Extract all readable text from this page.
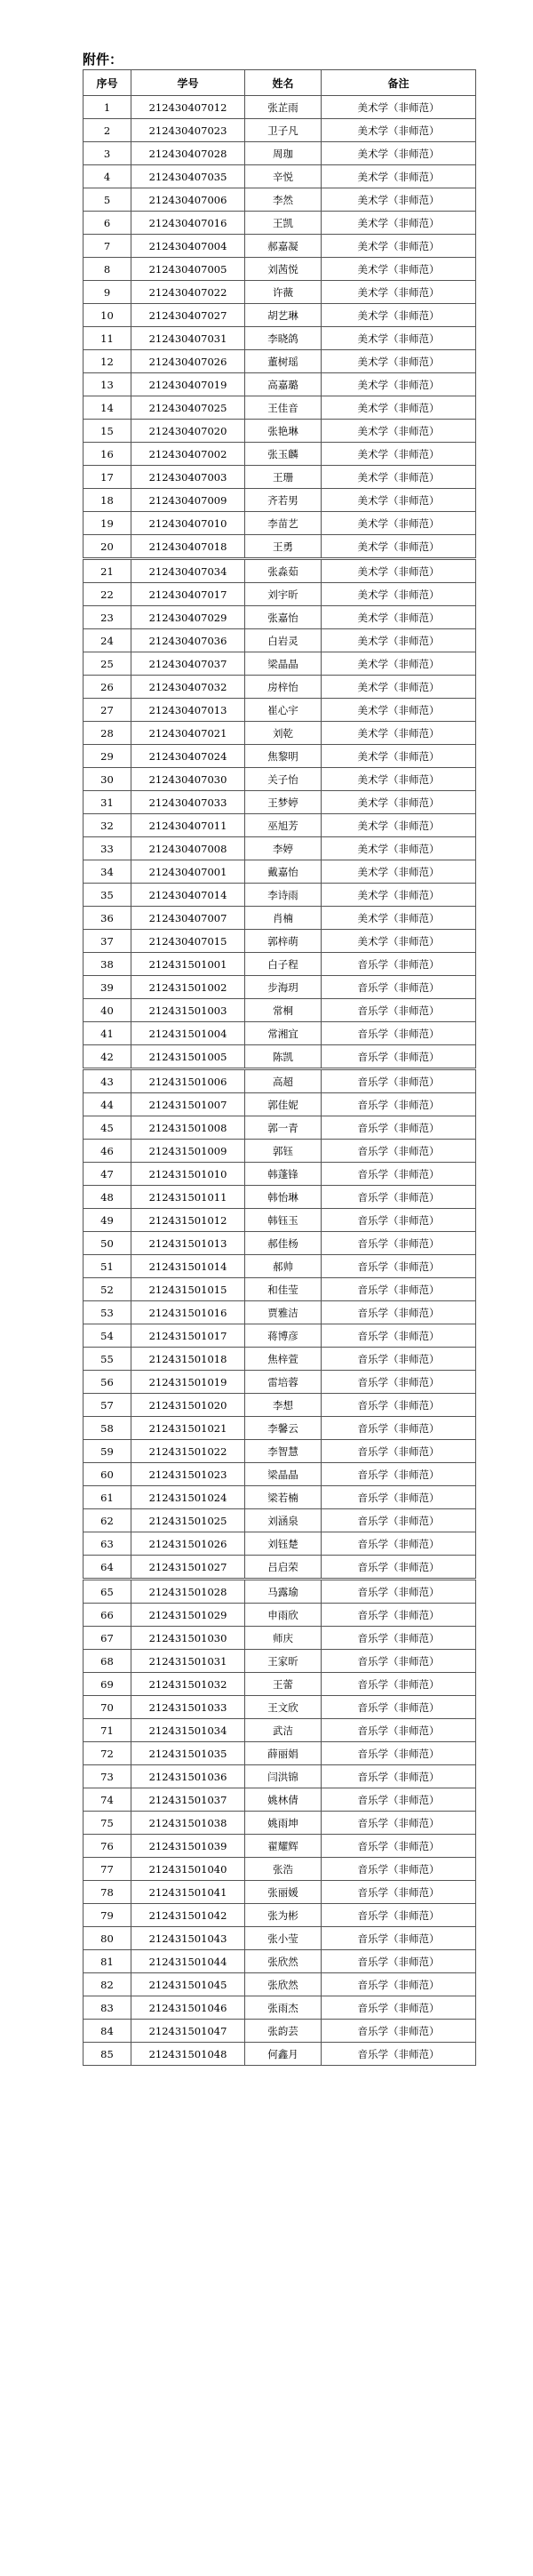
附件：
序号	学号	姓名	备注
1	212430407012	张芷雨	美术学（非师范）
2	212430407023	卫子凡	美术学（非师范）
3	212430407028	周珈	美术学（非师范）
4	212430407035	辛悦	美术学（非师范）
5	212430407006	李然	美术学（非师范）
6	212430407016	王凯	美术学（非师范）
7	212430407004	郝嘉凝	美术学（非师范）
8	212430407005	刘茜悦	美术学（非师范）
9	212430407022	许薇	美术学（非师范）
10	212430407027	胡艺琳	美术学（非师范）
11	212430407031	李晓鸽	美术学（非师范）
12	212430407026	董树瑶	美术学（非师范）
13	212430407019	高嘉璐	美术学（非师范）
14	212430407025	王佳音	美术学（非师范）
15	212430407020	张艳琳	美术学（非师范）
16	212430407002	张玉麟	美术学（非师范）
17	212430407003	王珊	美术学（非师范）
18	212430407009	齐若男	美术学（非师范）
19	212430407010	李苗艺	美术学（非师范）
20	212430407018	王勇	美术学（非师范）
21	212430407034	张淼茹	美术学（非师范）
22	212430407017	刘宇昕	美术学（非师范）
23	212430407029	张嘉怡	美术学（非师范）
24	212430407036	白岩灵	美术学（非师范）
25	212430407037	梁晶晶	美术学（非师范）
26	212430407032	房梓怡	美术学（非师范）
27	212430407013	崔心宇	美术学（非师范）
28	212430407021	刘乾	美术学（非师范）
29	212430407024	焦黎明	美术学（非师范）
30	212430407030	关子怡	美术学（非师范）
31	212430407033	王梦婷	美术学（非师范）
32	212430407011	巫旭芳	美术学（非师范）
33	212430407008	李婷	美术学（非师范）
34	212430407001	戴嘉怡	美术学（非师范）
35	212430407014	李诗雨	美术学（非师范）
36	212430407007	肖楠	美术学（非师范）
37	212430407015	郭梓萌	美术学（非师范）
38	212431501001	白子程	音乐学（非师范）
39	212431501002	步海玥	音乐学（非师范）
40	212431501003	常桐	音乐学（非师范）
41	212431501004	常湘宜	音乐学（非师范）
42	212431501005	陈凯	音乐学（非师范）
43	212431501006	高超	音乐学（非师范）
44	212431501007	郭佳妮	音乐学（非师范）
45	212431501008	郭一青	音乐学（非师范）
46	212431501009	郭钰	音乐学（非师范）
47	212431501010	韩蓬锋	音乐学（非师范）
48	212431501011	韩怡琳	音乐学（非师范）
49	212431501012	韩钰玉	音乐学（非师范）
50	212431501013	郝佳杨	音乐学（非师范）
51	212431501014	郝帅	音乐学（非师范）
52	212431501015	和佳莹	音乐学（非师范）
53	212431501016	贾雅洁	音乐学（非师范）
54	212431501017	蒋博彦	音乐学（非师范）
55	212431501018	焦梓萱	音乐学（非师范）
56	212431501019	雷培蓉	音乐学（非师范）
57	212431501020	李想	音乐学（非师范）
58	212431501021	李馨云	音乐学（非师范）
59	212431501022	李智慧	音乐学（非师范）
60	212431501023	梁晶晶	音乐学（非师范）
61	212431501024	梁若楠	音乐学（非师范）
62	212431501025	刘涵泉	音乐学（非师范）
63	212431501026	刘钰楚	音乐学（非师范）
64	212431501027	吕启荣	音乐学（非师范）
65	212431501028	马露瑜	音乐学（非师范）
66	212431501029	申雨欣	音乐学（非师范）
67	212431501030	师庆	音乐学（非师范）
68	212431501031	王家昕	音乐学（非师范）
69	212431501032	王蕾	音乐学（非师范）
70	212431501033	王文欣	音乐学（非师范）
71	212431501034	武洁	音乐学（非师范）
72	212431501035	薛丽娟	音乐学（非师范）
73	212431501036	闫洪锦	音乐学（非师范）
74	212431501037	姚林倩	音乐学（非师范）
75	212431501038	姚雨坤	音乐学（非师范）
76	212431501039	翟耀辉	音乐学（非师范）
77	212431501040	张浩	音乐学（非师范）
78	212431501041	张丽媛	音乐学（非师范）
79	212431501042	张为彬	音乐学（非师范）
80	212431501043	张小莹	音乐学（非师范）
81	212431501044	张欣然	音乐学（非师范）
82	212431501045	张欣然	音乐学（非师范）
83	212431501046	张雨杰	音乐学（非师范）
84	212431501047	张韵芸	音乐学（非师范）
85	212431501048	何鑫月	音乐学（非师范）
